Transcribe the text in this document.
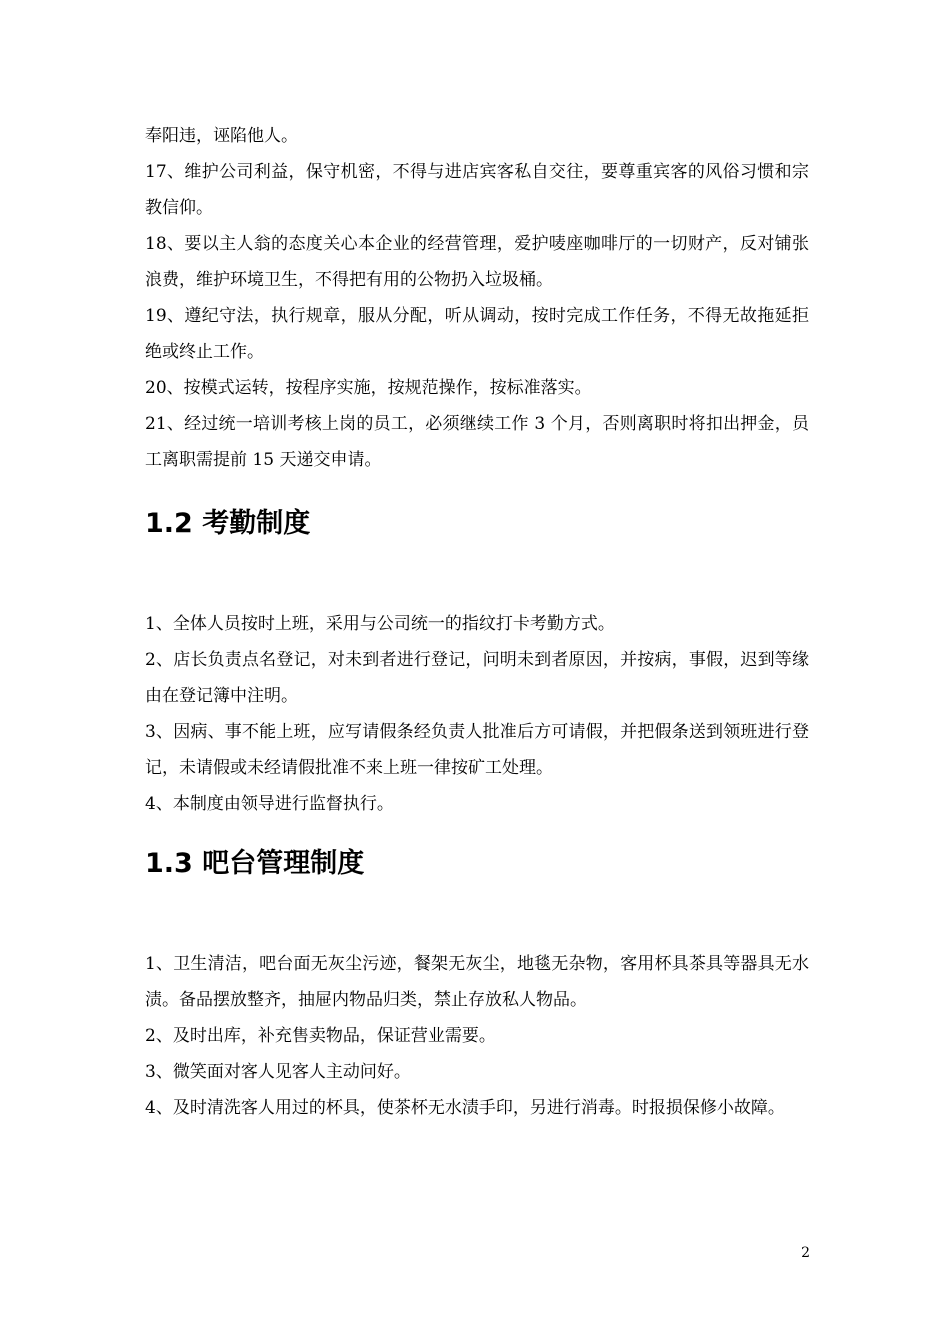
奉阳违，诬陷他人。

17、维护公司利益，保守机密，不得与进店宾客私自交往，要尊重宾客的风俗习惯和宗教信仰。

18、要以主人翁的态度关心本企业的经营管理，爱护唛座咖啡厅的一切财产，反对铺张浪费，维护环境卫生，不得把有用的公物扔入垃圾桶。

19、遵纪守法，执行规章，服从分配，听从调动，按时完成工作任务，不得无故拖延拒绝或终止工作。

20、按模式运转，按程序实施，按规范操作，按标准落实。

21、经过统一培训考核上岗的员工，必须继续工作 3 个月，否则离职时将扣出押金，员工离职需提前 15 天递交申请。

1.2 考勤制度

1、全体人员按时上班，采用与公司统一的指纹打卡考勤方式。

2、店长负责点名登记，对未到者进行登记，问明未到者原因，并按病，事假，迟到等缘由在登记簿中注明。

3、因病、事不能上班，应写请假条经负责人批准后方可请假，并把假条送到领班进行登记，未请假或未经请假批准不来上班一律按矿工处理。

4、本制度由领导进行监督执行。

1.3 吧台管理制度

1、卫生清洁，吧台面无灰尘污迹，餐架无灰尘，地毯无杂物，客用杯具茶具等器具无水渍。备品摆放整齐，抽屉内物品归类，禁止存放私人物品。

2、及时出库，补充售卖物品，保证营业需要。

3、微笑面对客人见客人主动问好。

4、及时清洗客人用过的杯具，使茶杯无水渍手印，另进行消毒。时报损保修小故障。

2
